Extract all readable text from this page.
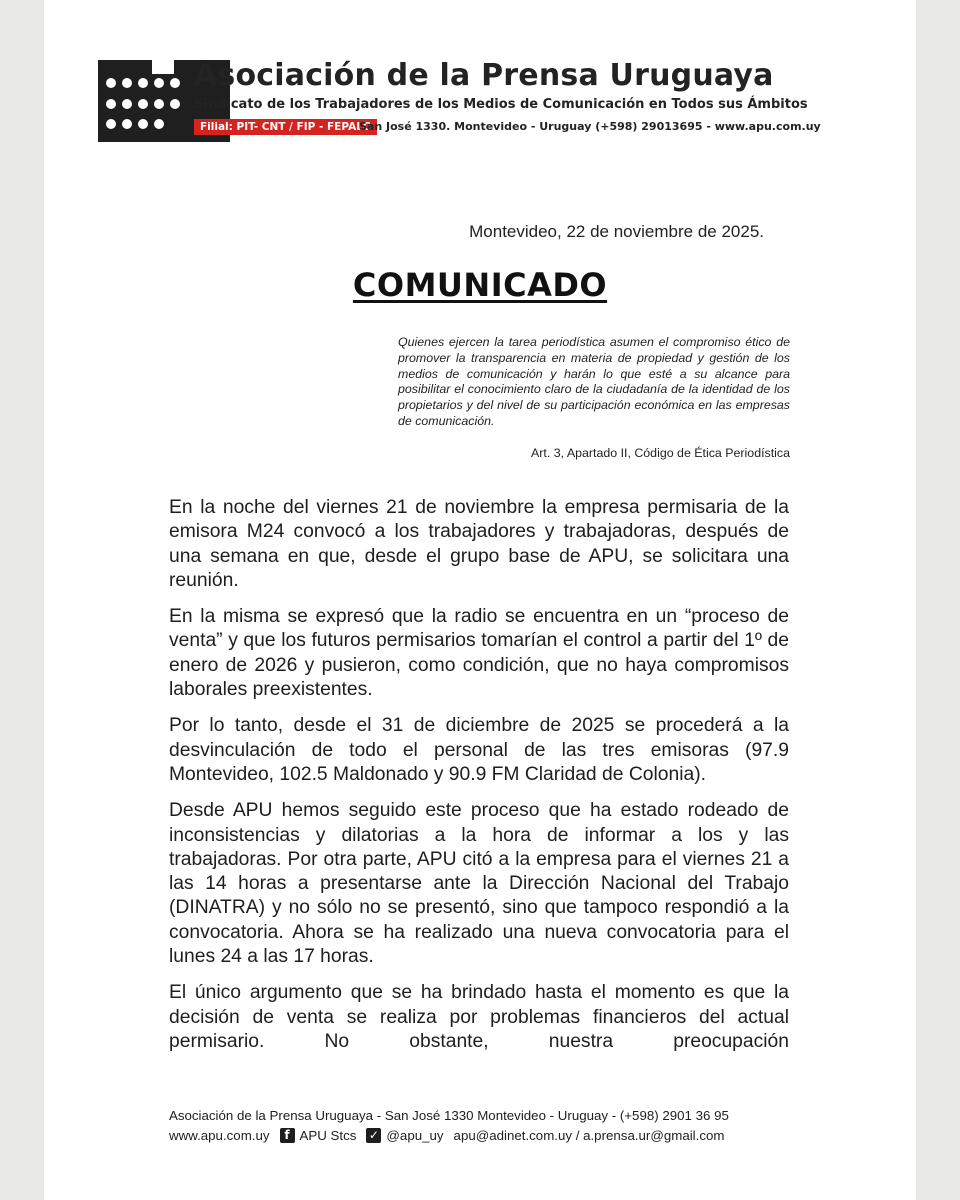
Asociación de la Prensa Uruguaya
Sindicato de los Trabajadores de los Medios de Comunicación en Todos sus Ámbitos
Filial: PIT- CNT / FIP - FEPALC
San José 1330. Montevideo - Uruguay (+598) 29013695 - www.apu.com.uy
Montevideo, 22 de noviembre de 2025.
COMUNICADO
Quienes ejercen la tarea periodística asumen el compromiso ético de promover la transparencia en materia de propiedad y gestión de los medios de comunicación y harán lo que esté a su alcance para posibilitar el conocimiento claro de la ciudadanía de la identidad de los propietarios y del nivel de su participación económica en las empresas de comunicación.
Art. 3, Apartado II, Código de Ética Periodística

En la noche del viernes 21 de noviembre la empresa permisaria de la emisora M24 convocó a los trabajadores y trabajadoras, después de una semana en que, desde el grupo base de APU, se solicitara una reunión.

En la misma se expresó que la radio se encuentra en un “proceso de venta” y que los futuros permisarios tomarían el control a partir del 1º de enero de 2026 y pusieron, como condición, que no haya compromisos laborales preexistentes.

Por lo tanto, desde el 31 de diciembre de 2025 se procederá a la desvinculación de todo el personal de las tres emisoras (97.9 Montevideo, 102.5 Maldonado y 90.9 FM Claridad de Colonia).

Desde APU hemos seguido este proceso que ha estado rodeado de inconsistencias y dilatorias a la hora de informar a los y las trabajadoras. Por otra parte, APU citó a la empresa para el viernes 21 a las 14 horas a presentarse ante la Dirección Nacional del Trabajo (DINATRA) y no sólo no se presentó, sino que tampoco respondió a la convocatoria. Ahora se ha realizado una nueva convocatoria para el lunes 24 a las 17 horas.

El único argumento que se ha brindado hasta el momento es que la decisión de venta se realiza por problemas financieros del actual permisario. No obstante, nuestra preocupación

Asociación de la Prensa Uruguaya - San José 1330 Montevideo - Uruguay - (+598) 2901 36 95
www.apu.com.uy	f APU Stcs ✓ @apu_uy apu@adinet.com.uy / a.prensa.ur@gmail.com
